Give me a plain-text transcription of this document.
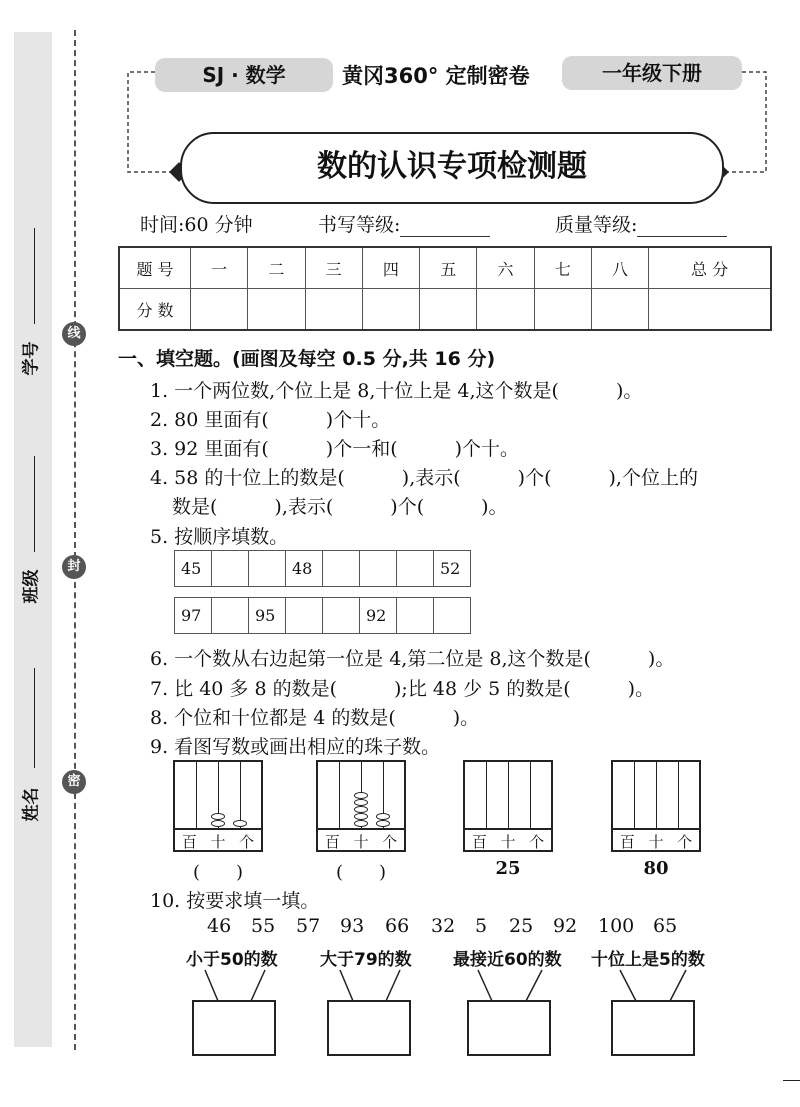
学号
班级
姓名
线
封
密
SJ · 数学	黄冈360° 定制密卷	一年级下册
数的认识专项检测题
时间:60 分钟	书写等级:	质量等级:
题 号	一	二	三	四	五	六	七	八	总 分
分 数									
一、填空题。(画图及每空 0.5 分,共 16 分)
1. 一个两位数,个位上是 8,十位上是 4,这个数是(　　　)。
2. 80 里面有(　　　)个十。
3. 92 里面有(　　　)个一和(　　　)个十。
4. 58 的十位上的数是(　　　),表示(　　　)个(　　　),个位上的
数是(　　　),表示(　　　)个(　　　)。
5. 按顺序填数。
45			48				52
97		95			92		
6. 一个数从右边起第一位是 4,第二位是 8,这个数是(　　　)。
7. 比 40 多 8 的数是(　　　);比 48 少 5 的数是(　　　)。
8. 个位和十位都是 4 的数是(　　　)。
9. 看图写数或画出相应的珠子数。
百 十 个	百 十 个	百 十 个	百 十 个
(　　)	(　　)	25	80
10. 按要求填一填。
46 55 57 93 66 32 5 25 92 100 65
小于50的数 大于79的数 最接近60的数 十位上是5的数
